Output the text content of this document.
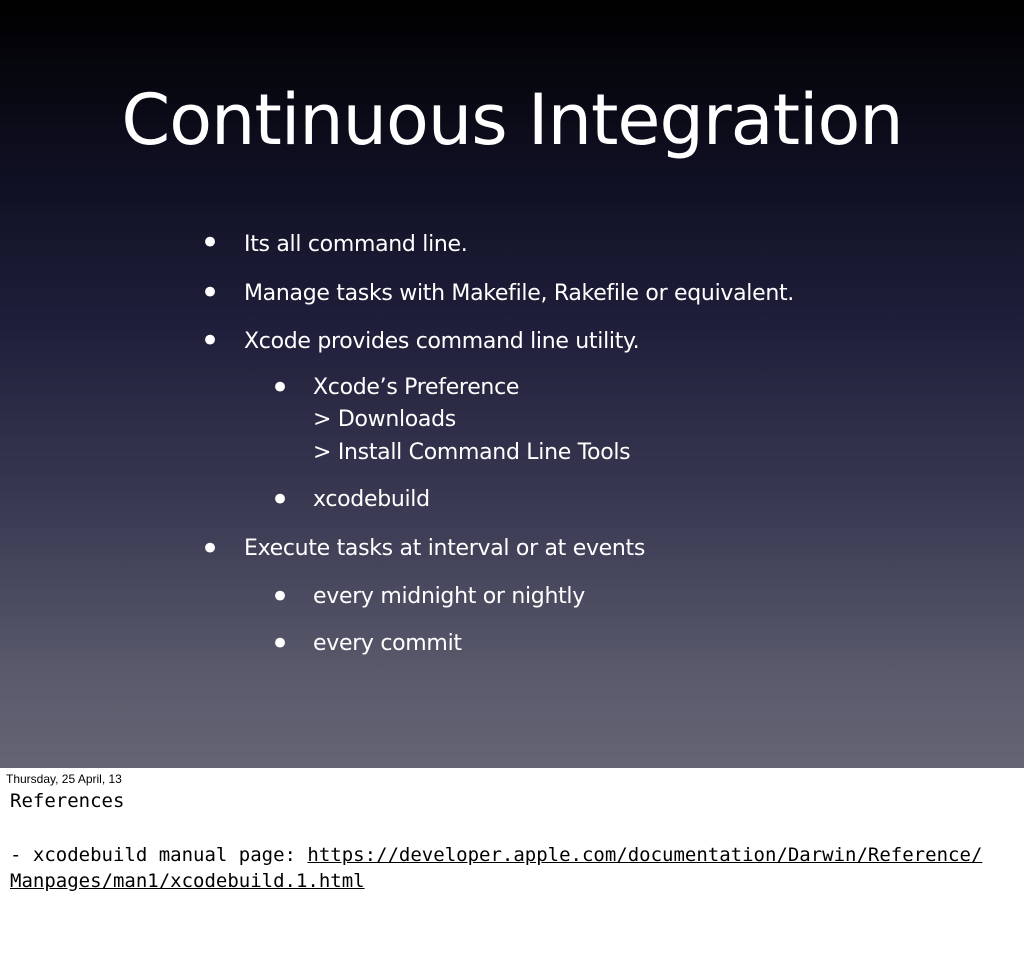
Continuous Integration
• Its all command line.
• Manage tasks with Makefile, Rakefile or equivalent.
• Xcode provides command line utility.
• Xcode’s Preference
> Downloads
> Install Command Line Tools
• xcodebuild
• Execute tasks at interval or at events
• every midnight or nightly
• every commit
Thursday, 25 April, 13
References
- xcodebuild manual page: https://developer.apple.com/documentation/Darwin/Reference/
Manpages/man1/xcodebuild.1.html
